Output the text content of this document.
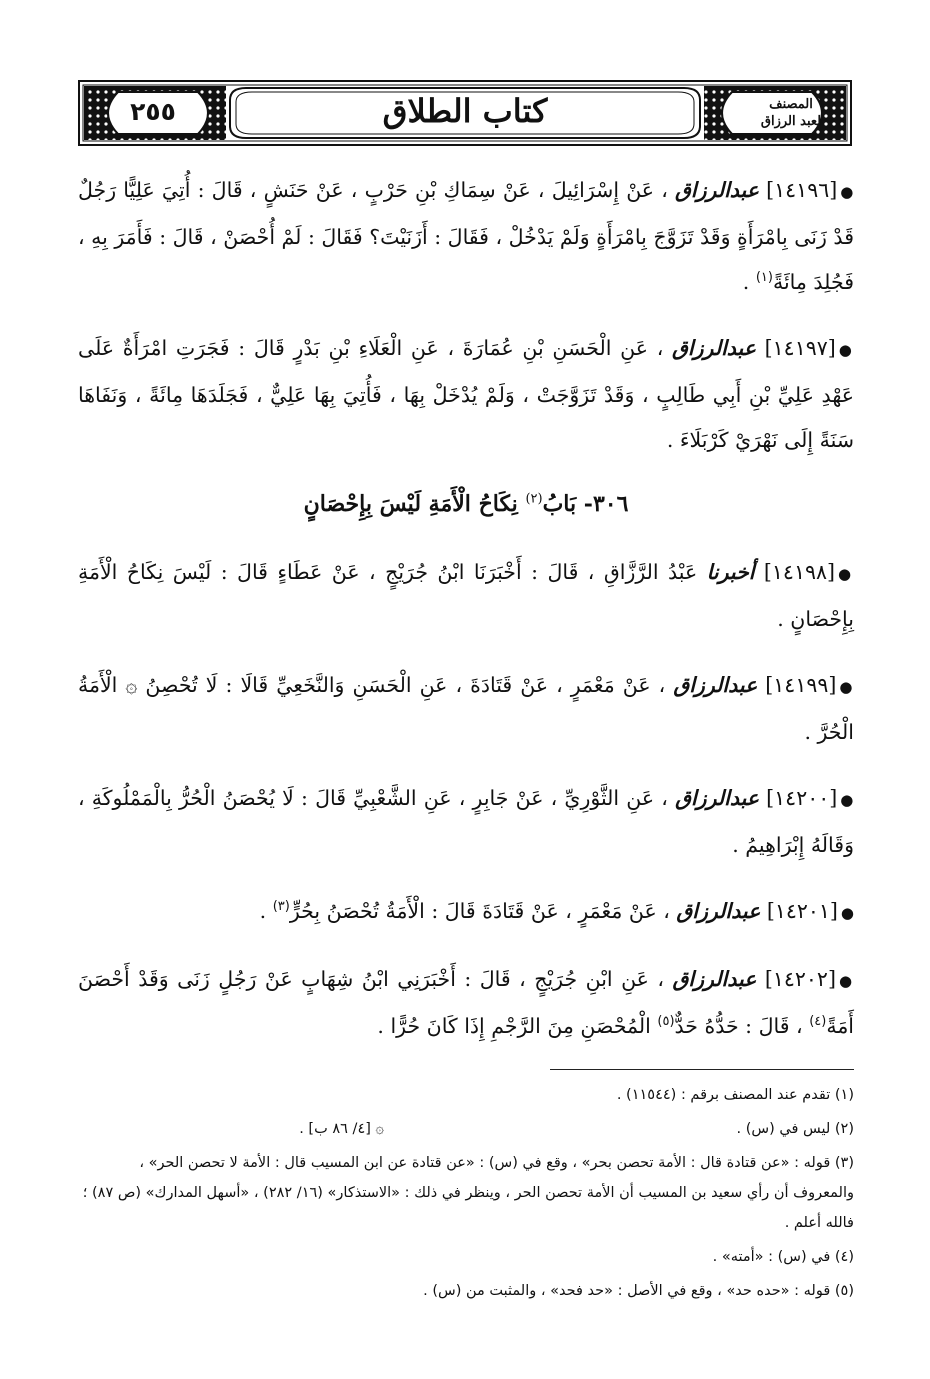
٢٥٥	كتاب الطلاق	المصنف
لعبد الرزاق

●[١٤١٩٦] عبدالرزاق ، عَنْ إِسْرَائِيلَ ، عَنْ سِمَاكِ بْنِ حَرْبٍ ، عَنْ حَنَشٍ ، قَالَ : أُتِيَ عَلِيًّا رَجُلٌ قَدْ زَنَى بِامْرَأَةٍ وَقَدْ تَزَوَّجَ بِامْرَأَةٍ وَلَمْ يَدْخُلْ ، فَقَالَ : أَزَنَيْتَ؟ فَقَالَ : لَمْ أُحْصَنْ ، قَالَ : فَأَمَرَ بِهِ ، فَجُلِدَ مِائَةً$^{(١)}$ .

●[١٤١٩٧] عبدالرزاق ، عَنِ الْحَسَنِ بْنِ عُمَارَةَ ، عَنِ الْعَلَاءِ بْنِ بَدْرٍ قَالَ : فَجَرَتِ امْرَأَةٌ عَلَى عَهْدِ عَلِيِّ بْنِ أَبِي طَالِبٍ ، وَقَدْ تَزَوَّجَتْ ، وَلَمْ يُدْخَلْ بِهَا ، فَأُتِيَ بِهَا عَلِيٌّ ، فَجَلَدَهَا مِائَةً ، وَنَفَاهَا سَنَةً إِلَى نَهْرَيْ كَرْبَلَاءَ .

٣٠٦- بَابُ$^{(٢)}$ نِكَاحُ الْأَمَةِ لَيْسَ بِإِحْصَانٍ

●[١٤١٩٨] أخبرنا عَبْدُ الرَّزَّاقِ ، قَالَ : أَخْبَرَنَا ابْنُ جُرَيْجٍ ، عَنْ عَطَاءٍ قَالَ : لَيْسَ نِكَاحُ الْأَمَةِ بِإِحْصَانٍ .

●[١٤١٩٩] عبدالرزاق ، عَنْ مَعْمَرٍ ، عَنْ قَتَادَةَ ، عَنِ الْحَسَنِ وَالنَّخَعِيِّ قَالَا : لَا تُحْصِنُ ۞ الْأَمَةُ الْحُرَّ .

●[١٤٢٠٠] عبدالرزاق ، عَنِ الثَّوْرِيِّ ، عَنْ جَابِرٍ ، عَنِ الشَّعْبِيِّ قَالَ : لَا يُحْصَنُ الْحُرُّ بِالْمَمْلُوكَةِ ، وَقَالَهُ إِبْرَاهِيمُ .

●[١٤٢٠١] عبدالرزاق ، عَنْ مَعْمَرٍ ، عَنْ قَتَادَةَ قَالَ : الْأَمَةُ تُحْصَنُ بِحُرٍّ$^{(٣)}$ .

●[١٤٢٠٢] عبدالرزاق ، عَنِ ابْنِ جُرَيْجٍ ، قَالَ : أَخْبَرَنِي ابْنُ شِهَابٍ عَنْ رَجُلٍ زَنَى وَقَدْ أَحْصَنَ أَمَةً$^{(٤)}$ ، قَالَ : حَدُّهُ حَدٌّ$^{(٥)}$ الْمُحْصَنِ مِنَ الرَّجْمِ إِذَا كَانَ حُرًّا .

(١) تقدم عند المصنف برقم : (١١٥٤٤) .
(٢) ليس في (س) .
۞ [٤/ ٨٦ ب] .
(٣) قوله : «عن قتادة قال : الأمة تحصن بحر» ، وقع في (س) : «عن قتادة عن ابن المسيب قال : الأمة لا تحصن الحر» ، والمعروف أن رأي سعيد بن المسيب أن الأمة تحصن الحر ، وينظر في ذلك : «الاستذكار» (١٦/ ٢٨٢) ، «أسهل المدارك» (ص ٨٧) ؛ فالله أعلم .
(٤) في (س) : «أمته» .
(٥) قوله : «حده حد» ، وقع في الأصل : «حد فحد» ، والمثبت من (س) .
